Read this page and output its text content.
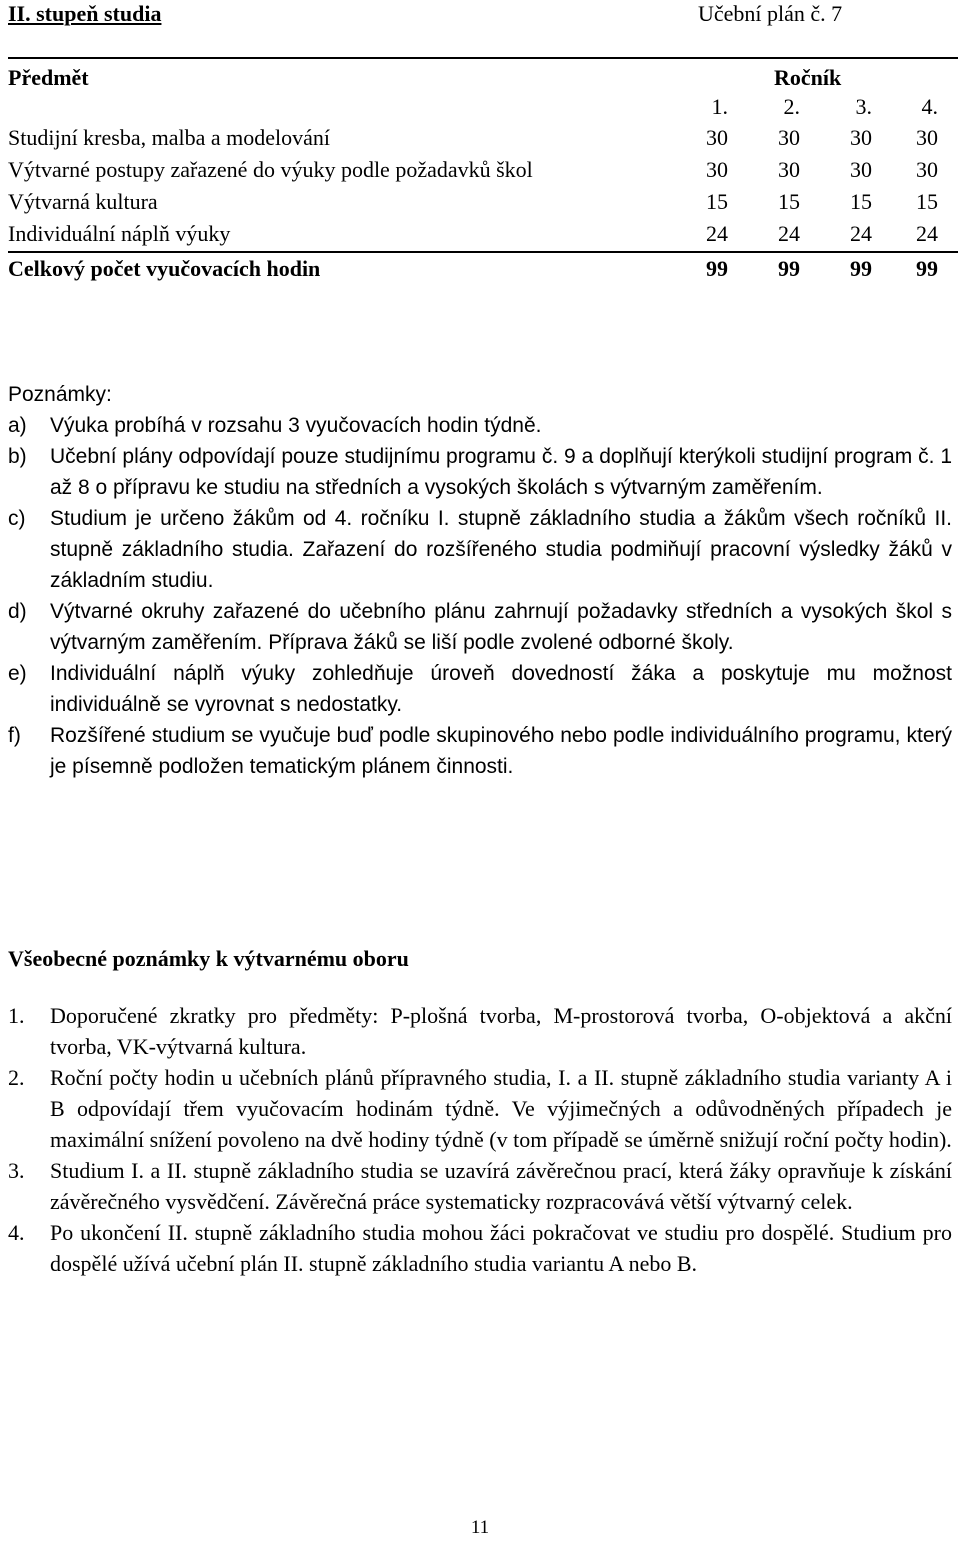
II. stupeň studia	Učební plán č. 7
Předmět	Ročník
1.	2.	3.	4.
Studijní kresba, malba a modelování	30	30	30	30
Výtvarné postupy zařazené do výuky podle požadavků škol	30	30	30	30
Výtvarná kultura	15	15	15	15
Individuální náplň výuky	24	24	24	24
Celkový počet vyučovacích hodin	99	99	99	99
Poznámky:
a) Výuka probíhá v rozsahu 3 vyučovacích hodin týdně.
b) Učební plány odpovídají pouze studijnímu programu č. 9 a doplňují kterýkoli studijní program č. 1 až 8 o přípravu ke studiu na středních a vysokých školách s výtvarným zaměřením.
c) Studium je určeno žákům od 4. ročníku I. stupně základního studia a žákům všech ročníků II. stupně základního studia. Zařazení do rozšířeného studia podmiňují pracovní výsledky žáků v základním studiu.
d) Výtvarné okruhy zařazené do učebního plánu zahrnují požadavky středních a vysokých škol s výtvarným zaměřením. Příprava žáků se liší podle zvolené odborné školy.
e) Individuální náplň výuky zohledňuje úroveň dovedností žáka a poskytuje mu možnost individuálně se vyrovnat s nedostatky.
f) Rozšířené studium se vyučuje buď podle skupinového nebo podle individuálního programu, který je písemně podložen tematickým plánem činnosti.
Všeobecné poznámky k výtvarnému oboru
1. Doporučené zkratky pro předměty: P-plošná tvorba, M-prostorová tvorba, O-objektová a akční tvorba, VK-výtvarná kultura.
2. Roční počty hodin u učebních plánů přípravného studia, I. a II. stupně základního studia varianty A i B odpovídají třem vyučovacím hodinám týdně. Ve výjimečných a odůvodněných případech je maximální snížení povoleno na dvě hodiny týdně (v tom případě se úměrně snižují roční počty hodin).
3. Studium I. a II. stupně základního studia se uzavírá závěrečnou prací, která žáky opravňuje k získání závěrečného vysvědčení. Závěrečná práce systematicky rozpracovává větší výtvarný celek.
4. Po ukončení II. stupně základního studia mohou žáci pokračovat ve studiu pro dospělé. Studium pro dospělé užívá učební plán II. stupně základního studia variantu A nebo B.
11
